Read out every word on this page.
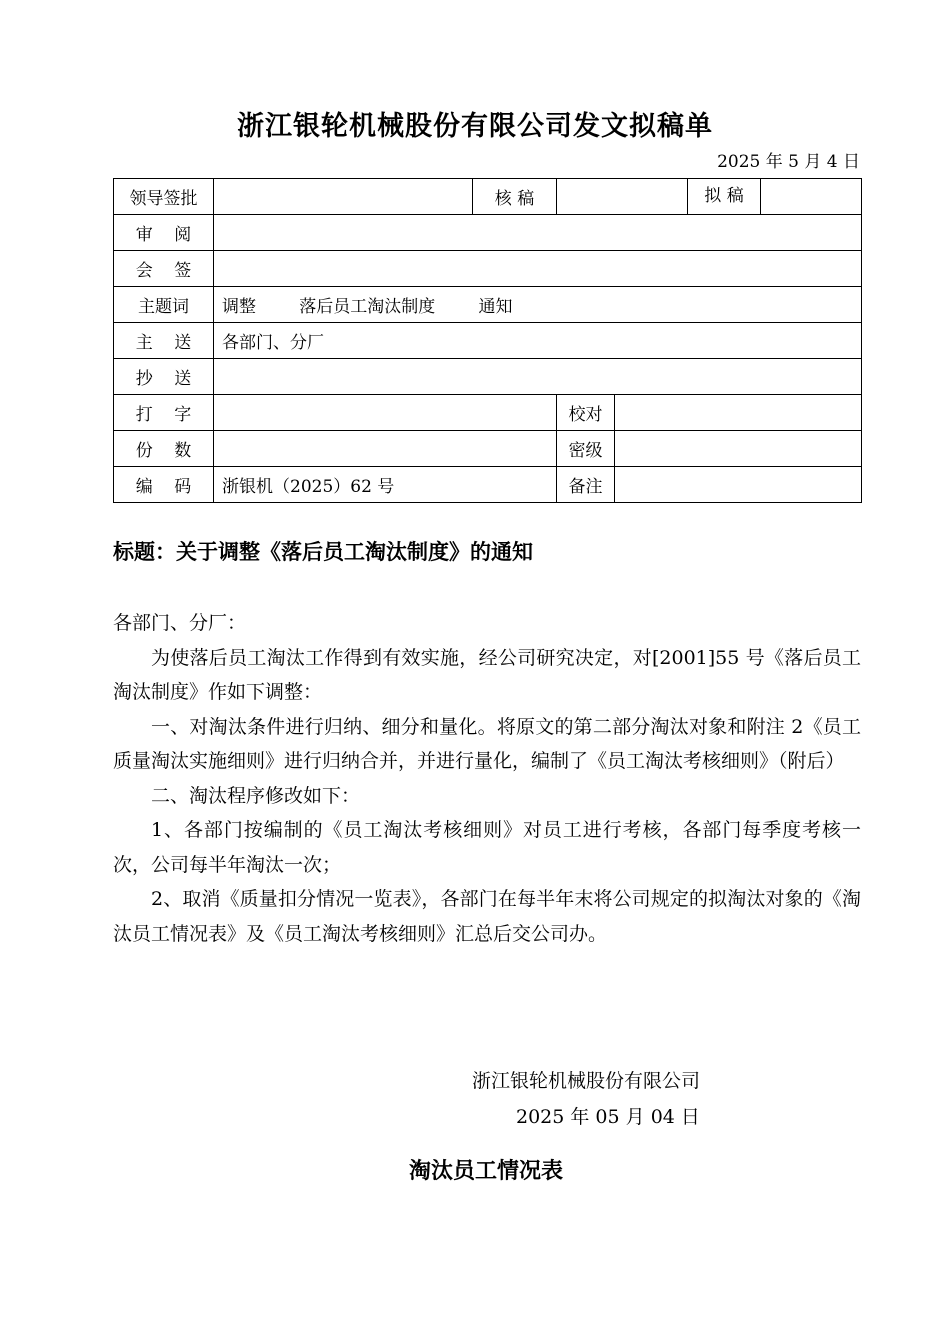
浙江银轮机械股份有限公司发文拟稿单
2025 年 5 月 4 日
领导签批		核 稿			拟 稿

审    阅					
会    签					
主题词	调整        落后员工淘汰制度        通知				
主    送	各部门、分厂				
抄    送					
打    字			校对		
份    数			密级		
编    码	浙银机（2025）62 号		备注		
标题：关于调整《落后员工淘汰制度》的通知

各部门、分厂：

为使落后员工淘汰工作得到有效实施，经公司研究决定，对[2001]55 号《落后员工淘汰制度》作如下调整：

一、对淘汰条件进行归纳、细分和量化。将原文的第二部分淘汰对象和附注 2《员工质量淘汰实施细则》进行归纳合并，并进行量化，编制了《员工淘汰考核细则》（附后）

二、淘汰程序修改如下：

1、各部门按编制的《员工淘汰考核细则》对员工进行考核，各部门每季度考核一次，公司每半年淘汰一次；

2、取消《质量扣分情况一览表》，各部门在每半年末将公司规定的拟淘汰对象的《淘汰员工情况表》及《员工淘汰考核细则》汇总后交公司办。

浙江银轮机械股份有限公司
2025 年 05 月 04 日
淘汰员工情况表
